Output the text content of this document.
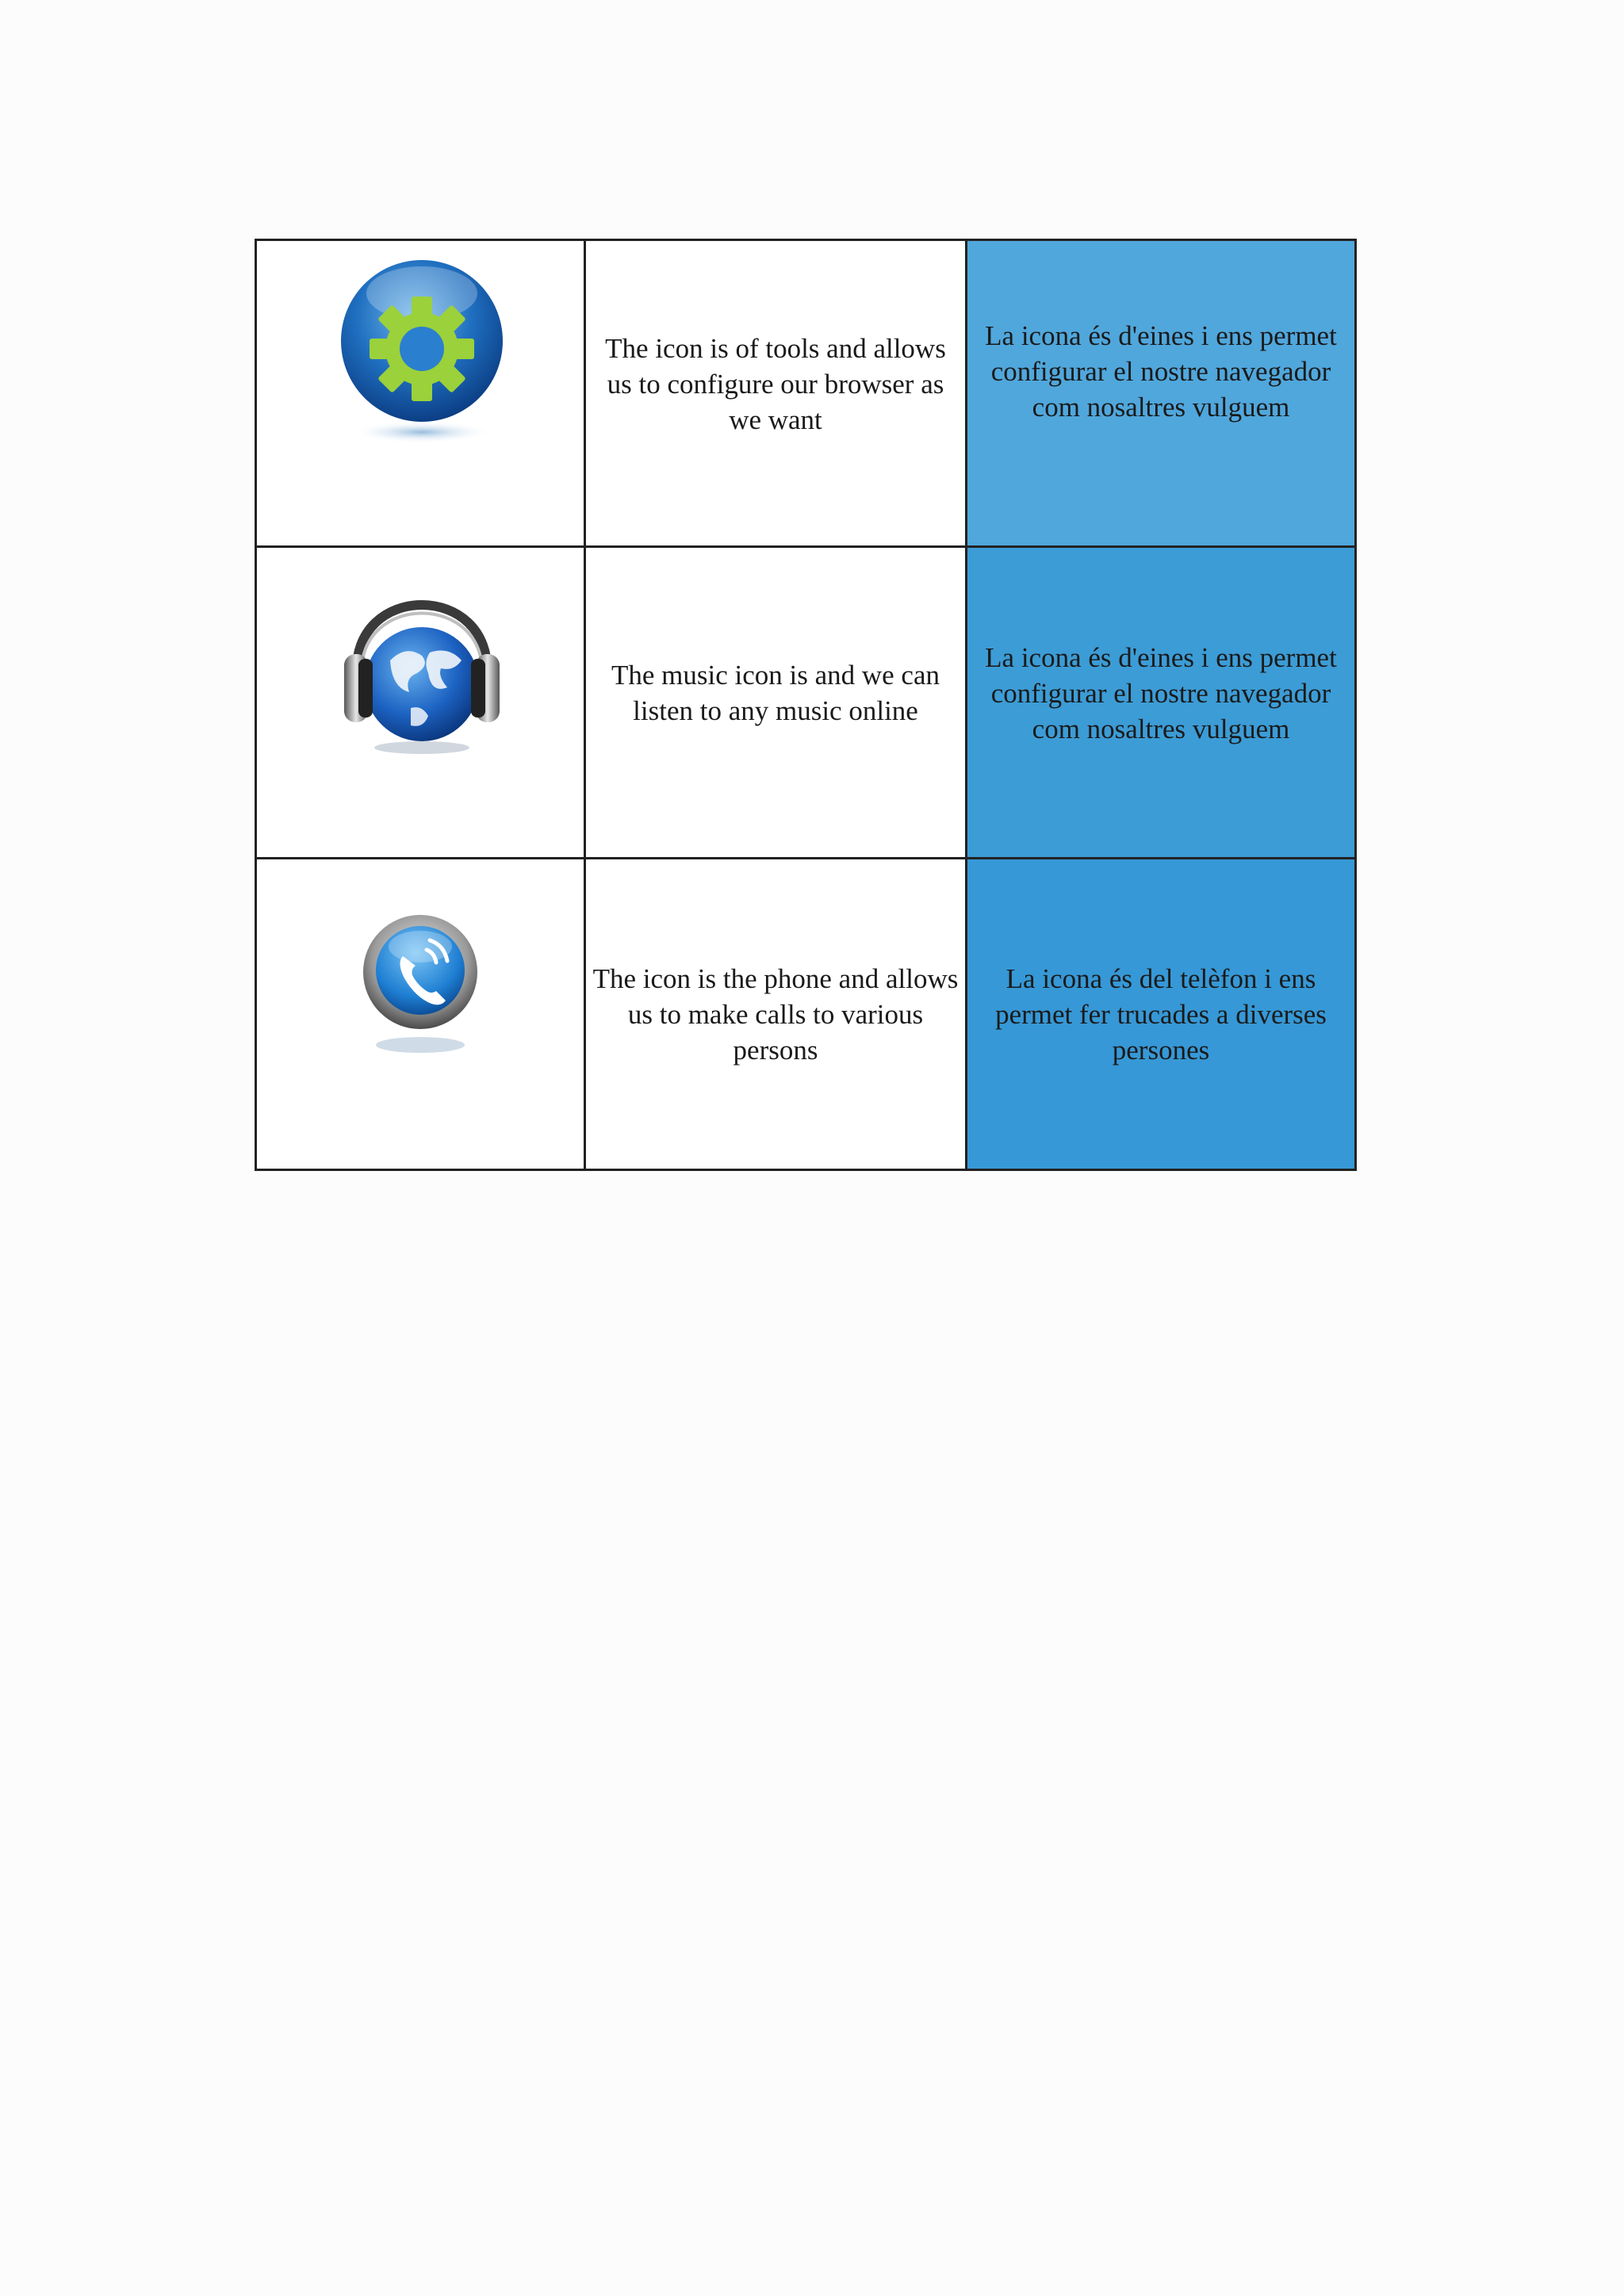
The icon is of tools and allows us to configure our browser as we want	La icona és d'eines i ens permet configurar el nostre navegador com nosaltres vulguem

The music icon is and we can listen to any music online	La icona és d'eines i ens permet configurar el nostre navegador com nosaltres vulguem

The icon is the phone and allows us to make calls to various persons	La icona és del telèfon i ens permet fer trucades a diverses persones
